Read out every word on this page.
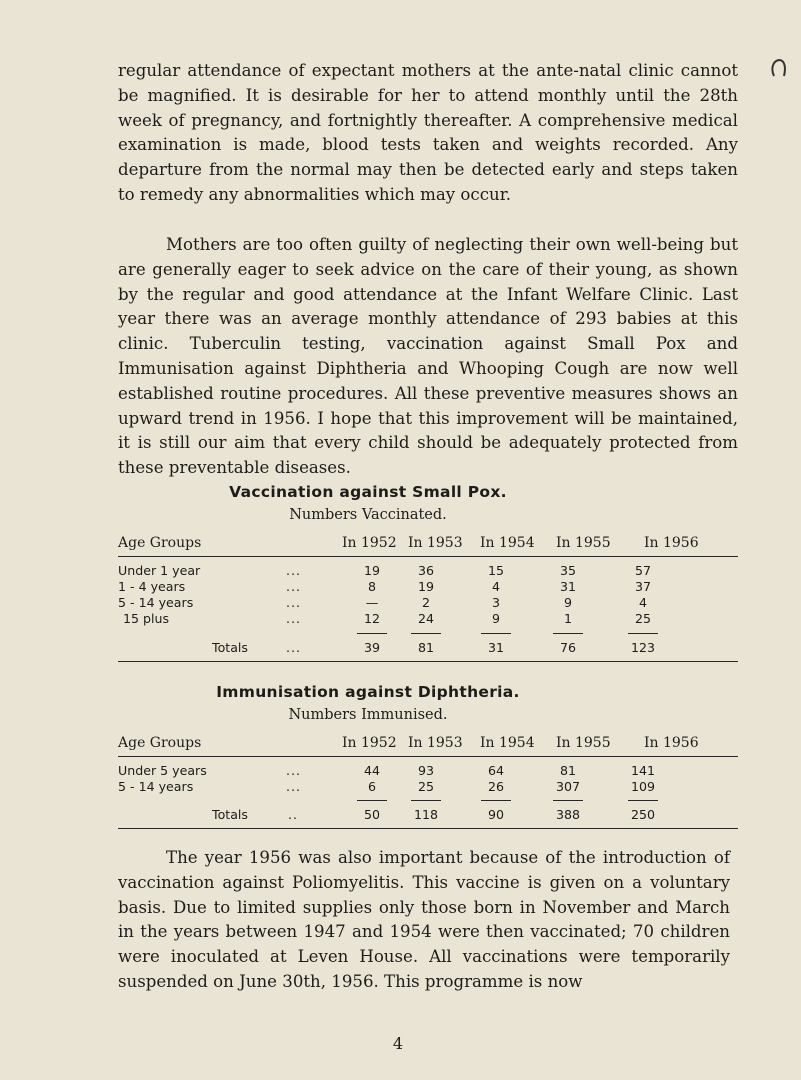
regular attendance of expectant mothers at the ante-natal clinic cannot be magnified. It is desirable for her to attend monthly until the 28th week of pregnancy, and fortnightly thereafter. A comprehensive medical examination is made, blood tests taken and weights recorded. Any departure from the normal may then be detected early and steps taken to remedy any abnormalities which may occur.

Mothers are too often guilty of neglecting their own well-being but are generally eager to seek advice on the care of their young, as shown by the regular and good attendance at the Infant Welfare Clinic. Last year there was an average monthly attendance of 293 babies at this clinic. Tuberculin testing, vaccination against Small Pox and Immunisation against Diphtheria and Whooping Cough are now well established routine procedures. All these preventive measures shows an upward trend in 1956. I hope that this improvement will be maintained, it is still our aim that every child should be adequately protected from these preventable diseases.

Vaccination against Small Pox.
Numbers Vaccinated.
Age Groups	In 1952 In 1953 In 1954 In 1955 In 1956
Under 1 year	...	19	36	15	35	57
1 - 4 years	...	8	19	4	31	37
5 - 14 years	...	—	2	3	9	4
15 plus	...	12	24	9	1	25
Totals	...	39	81	31	76	123
Immunisation against Diphtheria.
Numbers Immunised.
Age Groups	In 1952 In 1953 In 1954 In 1955 In 1956
Under 5 years	...	44	93	64	81	141
5 - 14 years	...	6	25	26	307	109
Totals	..	50	118	90	388	250

The year 1956 was also important because of the introduction of vaccination against Poliomyelitis. This vaccine is given on a voluntary basis. Due to limited supplies only those born in November and March in the years between 1947 and 1954 were then vaccinated; 70 children were inoculated at Leven House. All vaccinations were temporarily suspended on June 30th, 1956. This programme is now

4
